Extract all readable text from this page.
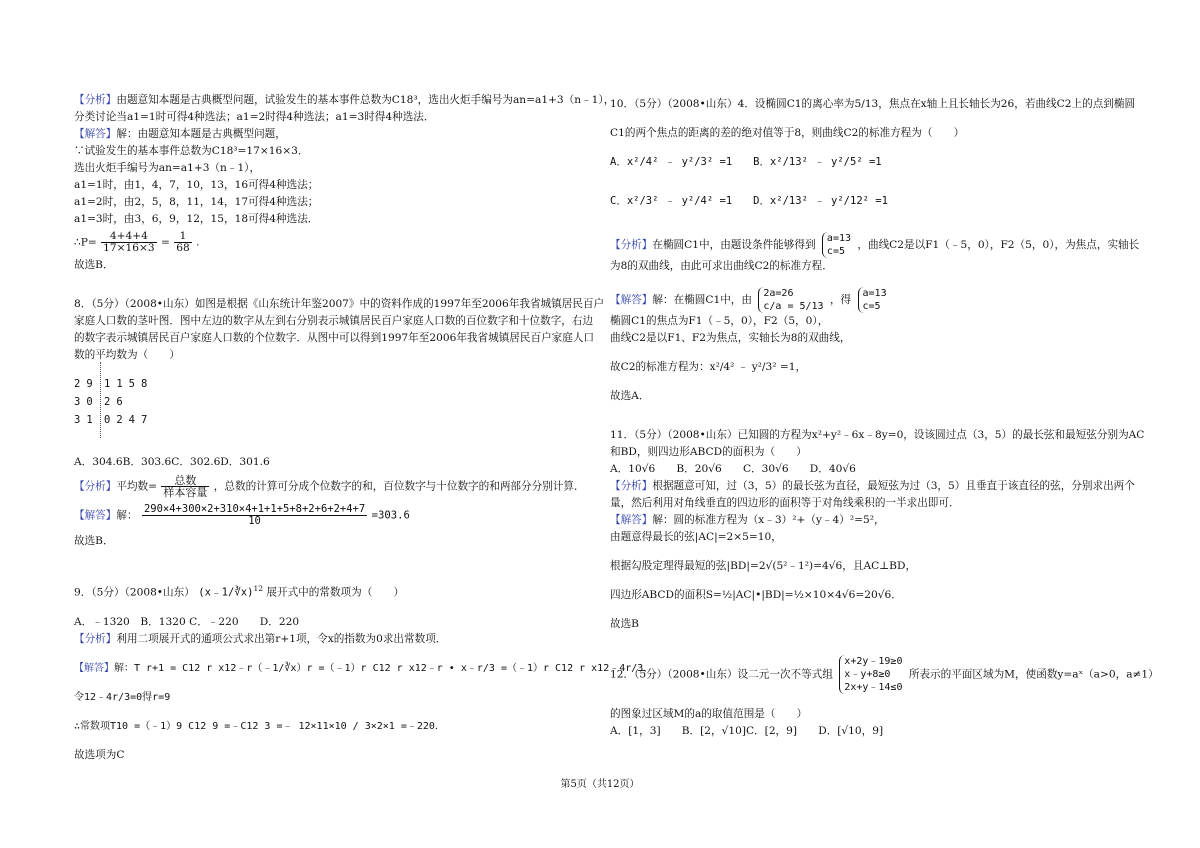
【分析】由题意知本题是古典概型问题，试验发生的基本事件总数为C18³，选出火炬手编号为an=a1+3（n﹣1），
分类讨论当a1=1时可得4种选法；a1=2时得4种选法；a1=3时得4种选法．
【解答】解：由题意知本题是古典概型问题，
∵试验发生的基本事件总数为C18³=17×16×3．
选出火炬手编号为an=a1+3（n﹣1），
a1=1时，由1，4，7，10，13，16可得4种选法；
a1=2时，由2，5，8，11，14，17可得4种选法；
a1=3时，由3，6，9，12，15，18可得4种选法．
∴P= $\frac{4+4+4}{17\times 16\times 3} = \frac{1}{68}$ .
故选B．
8．（5分）（2008•山东）如图是根据《山东统计年鉴2007》中的资料作成的1997年至2006年我省城镇居民百户
家庭人口数的茎叶图．图中左边的数字从左到右分别表示城镇居民百户家庭人口数的百位数字和十位数字，右边
的数字表示城镇居民百户家庭人口数的个位数字．从图中可以得到1997年至2006年我省城镇居民百户家庭人口
数的平均数为（　　）
29 1158
30 26
31 0247
A．304.6B．303.6C．302.6D．301.6
【分析】平均数= $\frac{\text{总数}}{\text{样本容量}}$ ，总数的计算可分成个位数字的和，百位数字与十位数字的和两部分分别计算．
【解答】解： $\frac{290\times 4+300\times 2+310\times 4+1+1+5+8+2+6+2+4+7}{10} =303.6$
故选B．
9．（5分）（2008•山东） (x﹣1/∛x)$^{12}$ 展开式中的常数项为（　　）
A．﹣1320　B．1320 C．﹣220　　D．220
【分析】利用二项展开式的通项公式求出第r+1项，令x的指数为0求出常数项．
【解答】解：T r+1 = C12 r x12﹣r（﹣1/∛x）r =（﹣1）r C12 r x12﹣r • x﹣r/3 =（﹣1）r C12 r x12﹣4r/3，
令12﹣4r/3=0得r=9
∴常数项T10 =（﹣1）9 C12 9 =﹣C12 3 =﹣ 12×11×10 / 3×2×1 =﹣220．
故选项为C
10．（5分）（2008•山东）4．设椭圆C1的离心率为5/13，焦点在x轴上且长轴长为26，若曲线C2上的点到椭圆
C1的两个焦点的距离的差的绝对值等于8，则曲线C2的标准方程为（　　）
A．x²/4² ﹣ y²/3² =1　　B．x²/13² ﹣ y²/5² =1
C．x²/3² ﹣ y²/4² =1　　D．x²/13² ﹣ y²/12² =1
【分析】在椭圆C1中，由题设条件能够得到
a=13
c=5
，曲线C2是以F1（﹣5，0），F2（5，0），为焦点，实轴长
为8的双曲线，由此可求出曲线C2的标准方程．
【解答】解：在椭圆C1中，由
2a=26
c/a = 5/13
，得
a=13
c=5
椭圆C1的焦点为F1（﹣5，0），F2（5，0），
曲线C2是以F1、F2为焦点，实轴长为8的双曲线，
故C2的标准方程为：x²/4² ﹣ y²/3² =1，
故选A．
11．（5分）（2008•山东）已知圆的方程为x²+y²﹣6x﹣8y=0，设该圆过点（3，5）的最长弦和最短弦分别为AC
和BD，则四边形ABCD的面积为（　　）
A．10√6　　B．20√6　　C．30√6　　D．40√6
【分析】根据题意可知，过（3，5）的最长弦为直径，最短弦为过（3，5）且垂直于该直径的弦，分别求出两个
量，然后利用对角线垂直的四边形的面积等于对角线乘积的一半求出即可．
【解答】解：圆的标准方程为（x﹣3）²+（y﹣4）²=5²，
由题意得最长的弦|AC|=2×5=10，
根据勾股定理得最短的弦|BD|=2√(5²﹣1²)=4√6，且AC⊥BD，
四边形ABCD的面积S=½|AC|•|BD|=½×10×4√6=20√6．
故选B
12．（5分）（2008•山东）设二元一次不等式组
x+2y﹣19≥0
x﹣y+8≥0
2x+y﹣14≤0
所表示的平面区域为M，使函数y=aˣ（a>0，a≠1）
的图象过区域M的a的取值范围是（　　）
A．[1，3]　　B．[2，√10]C．[2，9]　　D．[√10，9]
第5页（共12页）
